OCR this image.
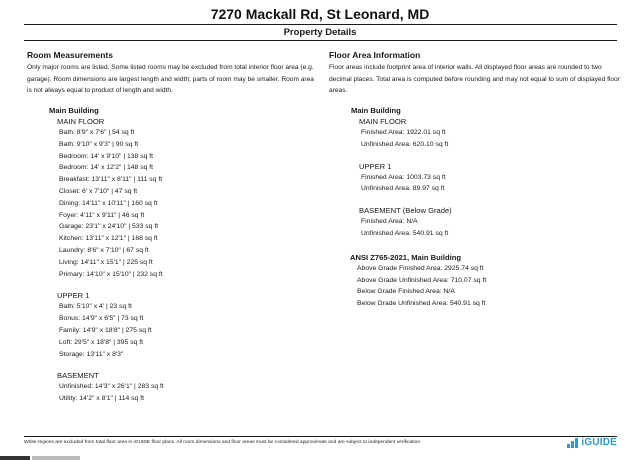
7270 Mackall Rd, St Leonard, MD
Property Details
Room Measurements
Only major rooms are listed. Some listed rooms may be excluded from total interior floor area (e.g. garage). Room dimensions are largest length and width; parts of room may be smaller. Room area is not always equal to product of length and width.
Main Building
MAIN FLOOR
Bath: 8'9" x 7'6" | 54 sq ft
Bath: 9'10" x 9'3" | 90 sq ft
Bedroom: 14' x 9'10" | 138 sq ft
Bedroom: 14' x 12'2" | 148 sq ft
Breakfast: 13'11" x 8'11" | 111 sq ft
Closet: 6' x 7'10" | 47 sq ft
Dining: 14'11" x 10'11" | 160 sq ft
Foyer: 4'11" x 9'11" | 46 sq ft
Garage: 23'1" x 24'10" | 533 sq ft
Kitchen: 13'11" x 12'1" | 168 sq ft
Laundry: 8'6" x 7'10" | 67 sq ft
Living: 14'11" x 15'1" | 225 sq ft
Primary: 14'10" x 15'10" | 232 sq ft
UPPER 1
Bath: 5'10" x 4' | 23 sq ft
Bonus: 14'9" x 6'5" | 73 sq ft
Family: 14'9" x 18'8" | 275 sq ft
Loft: 29'5" x 18'8" | 395 sq ft
Storage: 13'11" x 8'3"
BASEMENT
Unfinished: 14'3" x 26'1" | 283 sq ft
Utility: 14'2" x 8'1" | 114 sq ft
Floor Area Information
Floor areas include footprint area of interior walls. All displayed floor areas are rounded to two decimal places. Total area is computed before rounding and may not equal to sum of displayed floor areas.
Main Building
MAIN FLOOR
Finished Area: 1922.01 sq ft
Unfinished Area: 620.10 sq ft
UPPER 1
Finished Area: 1003.73 sq ft
Unfinished Area: 89.97 sq ft
BASEMENT (Below Grade)
Finished Area: N/A
Unfinished Area: 540.91 sq ft
ANSI Z765-2021, Main Building
Above Grade Finished Area: 2925.74 sq ft
Above Grade Unfinished Area: 710.07 sq ft
Below Grade Finished Area: N/A
Below Grade Unfinished Area: 540.91 sq ft
White regions are excluded from total floor area in iGUIDE floor plans. All room dimensions and floor areas must be considered approximate and are subject to independent verification.	iGUIDE
